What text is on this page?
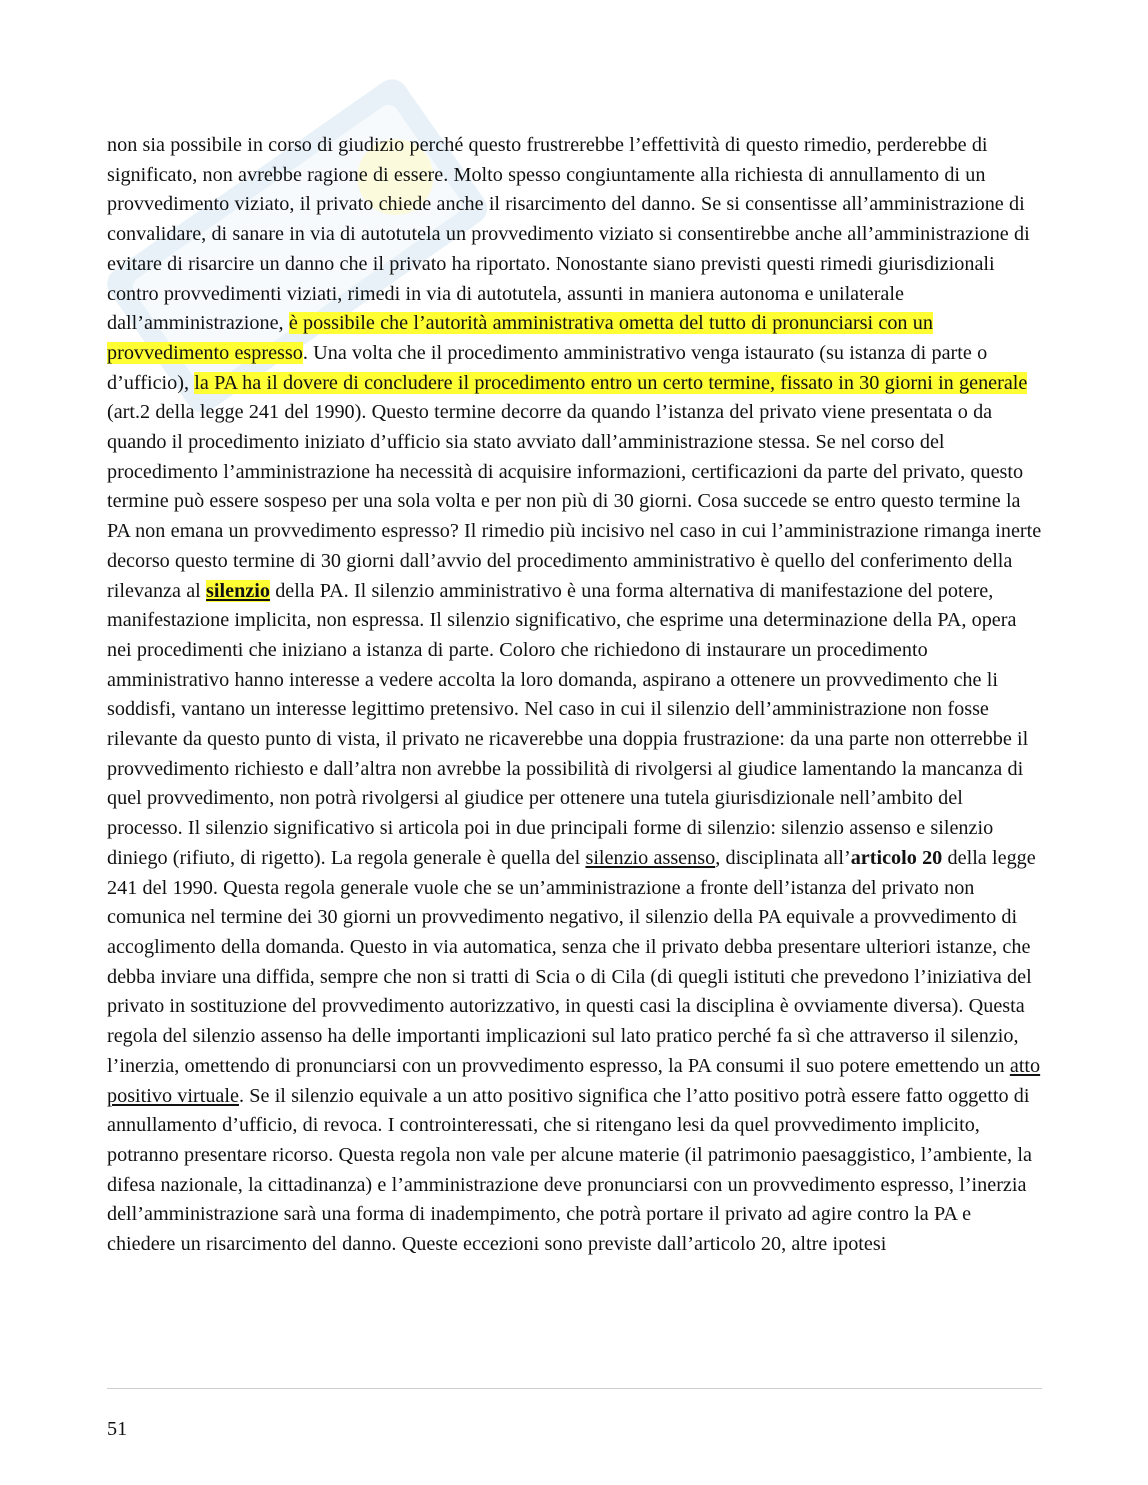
non sia possibile in corso di giudizio perché questo frustrerebbe l’effettività di questo rimedio, perderebbe di significato, non avrebbe ragione di essere. Molto spesso congiuntamente alla richiesta di annullamento di un provvedimento viziato, il privato chiede anche il risarcimento del danno. Se si consentisse all’amministrazione di convalidare, di sanare in via di autotutela un provvedimento viziato si consentirebbe anche all’amministrazione di evitare di risarcire un danno che il privato ha riportato. Nonostante siano previsti questi rimedi giurisdizionali contro provvedimenti viziati, rimedi in via di autotutela, assunti in maniera autonoma e unilaterale dall’amministrazione, è possibile che l’autorità amministrativa ometta del tutto di pronunciarsi con un provvedimento espresso. Una volta che il procedimento amministrativo venga istaurato (su istanza di parte o d’ufficio), la PA ha il dovere di concludere il procedimento entro un certo termine, fissato in 30 giorni in generale (art.2 della legge 241 del 1990). Questo termine decorre da quando l’istanza del privato viene presentata o da quando il procedimento iniziato d’ufficio sia stato avviato dall’amministrazione stessa. Se nel corso del procedimento l’amministrazione ha necessità di acquisire informazioni, certificazioni da parte del privato, questo termine può essere sospeso per una sola volta e per non più di 30 giorni. Cosa succede se entro questo termine la PA non emana un provvedimento espresso? Il rimedio più incisivo nel caso in cui l’amministrazione rimanga inerte decorso questo termine di 30 giorni dall’avvio del procedimento amministrativo è quello del conferimento della rilevanza al silenzio della PA. Il silenzio amministrativo è una forma alternativa di manifestazione del potere, manifestazione implicita, non espressa. Il silenzio significativo, che esprime una determinazione della PA, opera nei procedimenti che iniziano a istanza di parte. Coloro che richiedono di instaurare un procedimento amministrativo hanno interesse a vedere accolta la loro domanda, aspirano a ottenere un provvedimento che li soddisfi, vantano un interesse legittimo pretensivo. Nel caso in cui il silenzio dell’amministrazione non fosse rilevante da questo punto di vista, il privato ne ricaverebbe una doppia frustrazione: da una parte non otterrebbe il provvedimento richiesto e dall’altra non avrebbe la possibilità di rivolgersi al giudice lamentando la mancanza di quel provvedimento, non potrà rivolgersi al giudice per ottenere una tutela giurisdizionale nell’ambito del processo. Il silenzio significativo si articola poi in due principali forme di silenzio: silenzio assenso e silenzio diniego (rifiuto, di rigetto). La regola generale è quella del silenzio assenso, disciplinata all’articolo 20 della legge 241 del 1990. Questa regola generale vuole che se un’amministrazione a fronte dell’istanza del privato non comunica nel termine dei 30 giorni un provvedimento negativo, il silenzio della PA equivale a provvedimento di accoglimento della domanda. Questo in via automatica, senza che il privato debba presentare ulteriori istanze, che debba inviare una diffida, sempre che non si tratti di Scia o di Cila (di quegli istituti che prevedono l’iniziativa del privato in sostituzione del provvedimento autorizzativo, in questi casi la disciplina è ovviamente diversa). Questa regola del silenzio assenso ha delle importanti implicazioni sul lato pratico perché fa sì che attraverso il silenzio, l’inerzia, omettendo di pronunciarsi con un provvedimento espresso, la PA consumi il suo potere emettendo un atto positivo virtuale. Se il silenzio equivale a un atto positivo significa che l’atto positivo potrà essere fatto oggetto di annullamento d’ufficio, di revoca. I controinteressati, che si ritengano lesi da quel provvedimento implicito, potranno presentare ricorso. Questa regola non vale per alcune materie (il patrimonio paesaggistico, l’ambiente, la difesa nazionale, la cittadinanza) e l’amministrazione deve pronunciarsi con un provvedimento espresso, l’inerzia dell’amministrazione sarà una forma di inadempimento, che potrà portare il privato ad agire contro la PA e chiedere un risarcimento del danno. Queste eccezioni sono previste dall’articolo 20, altre ipotesi
51
